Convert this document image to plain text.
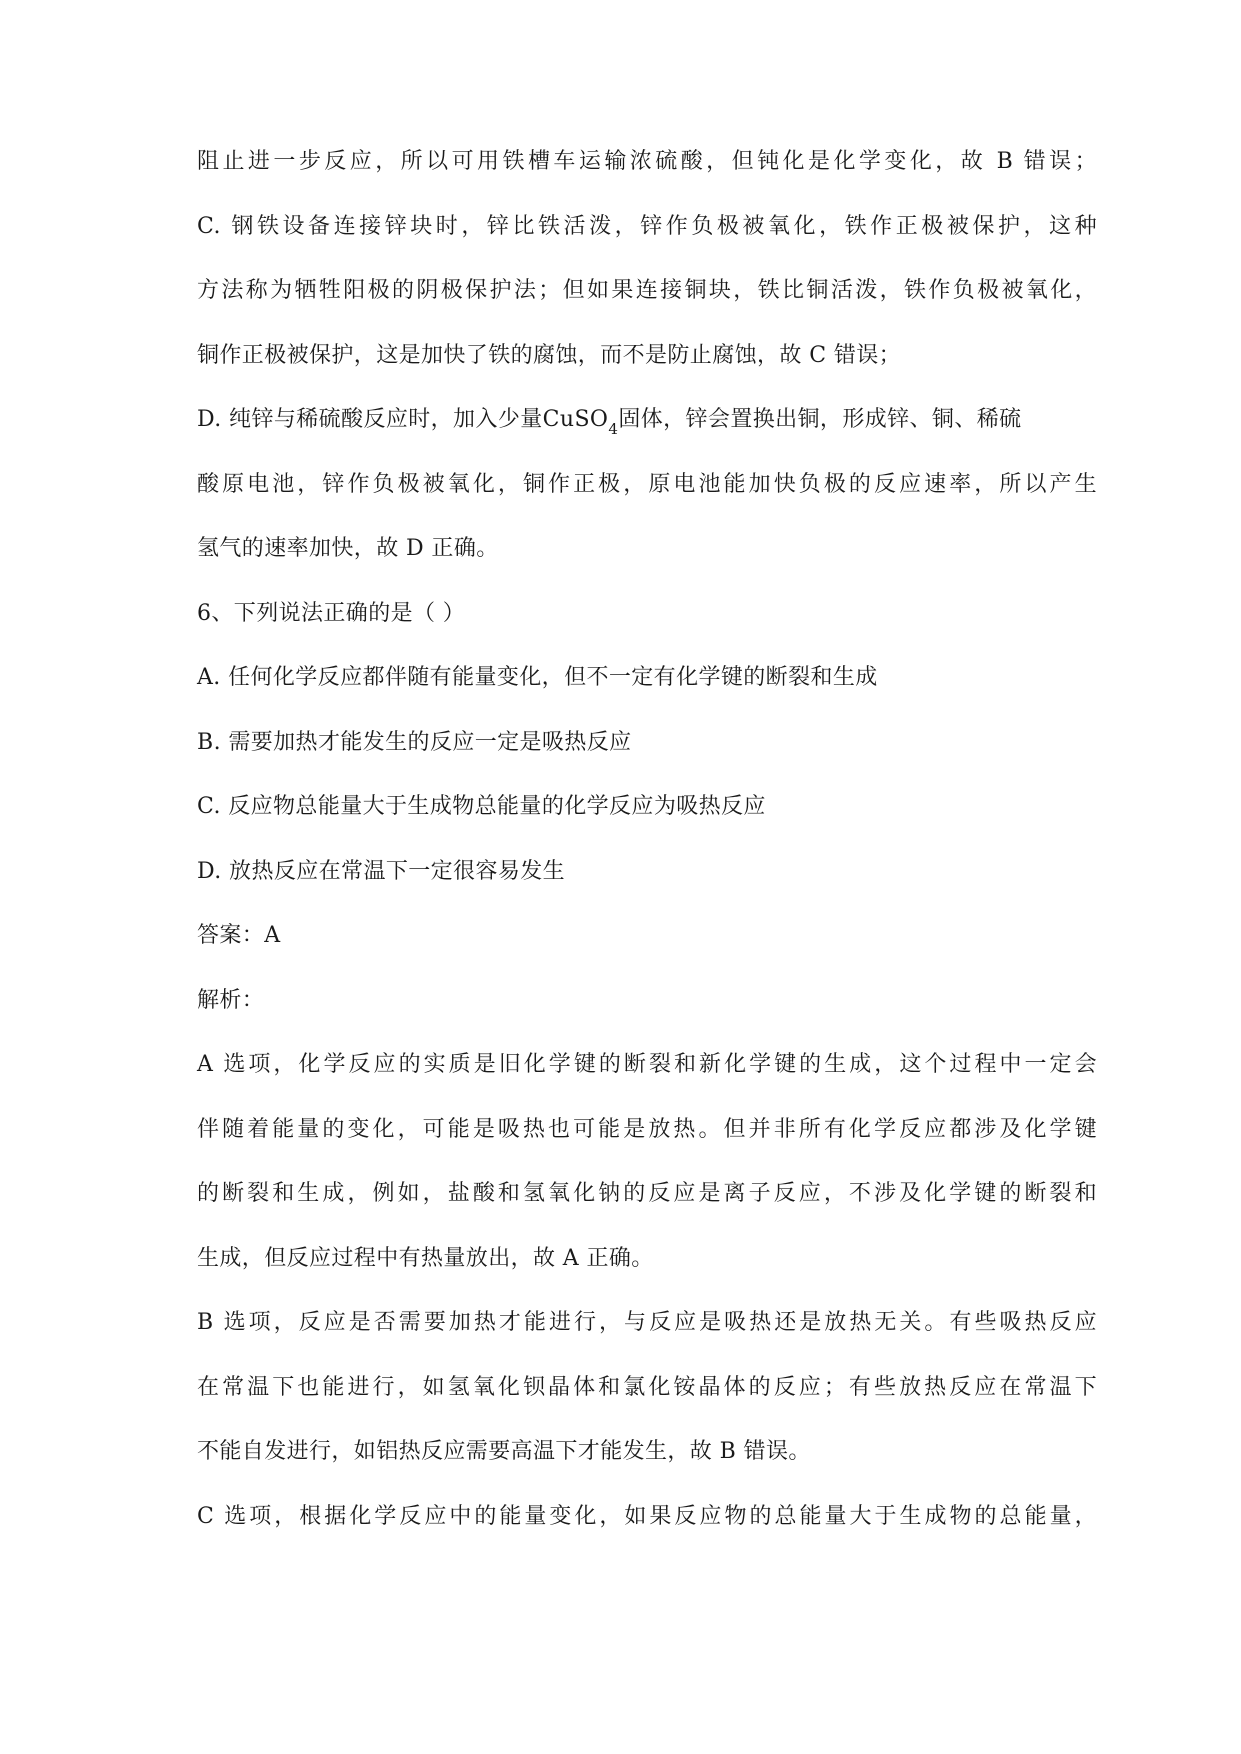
阻止进一步反应，所以可用铁槽车运输浓硫酸，但钝化是化学变化，故 B 错误；
C. 钢铁设备连接锌块时，锌比铁活泼，锌作负极被氧化，铁作正极被保护，这种
方法称为牺牲阳极的阴极保护法；但如果连接铜块，铁比铜活泼，铁作负极被氧化，
铜作正极被保护，这是加快了铁的腐蚀，而不是防止腐蚀，故 C 错误；
D. 纯锌与稀硫酸反应时，加入少量CuSO$_4$固体，锌会置换出铜，形成锌、铜、稀硫
酸原电池，锌作负极被氧化，铜作正极，原电池能加快负极的反应速率，所以产生
氢气的速率加快，故 D 正确。
6、下列说法正确的是（ ）
A. 任何化学反应都伴随有能量变化，但不一定有化学键的断裂和生成
B. 需要加热才能发生的反应一定是吸热反应
C. 反应物总能量大于生成物总能量的化学反应为吸热反应
D. 放热反应在常温下一定很容易发生
答案：A
解析：
A 选项，化学反应的实质是旧化学键的断裂和新化学键的生成，这个过程中一定会
伴随着能量的变化，可能是吸热也可能是放热。但并非所有化学反应都涉及化学键
的断裂和生成，例如，盐酸和氢氧化钠的反应是离子反应，不涉及化学键的断裂和
生成，但反应过程中有热量放出，故 A 正确。
B 选项，反应是否需要加热才能进行，与反应是吸热还是放热无关。有些吸热反应
在常温下也能进行，如氢氧化钡晶体和氯化铵晶体的反应；有些放热反应在常温下
不能自发进行，如铝热反应需要高温下才能发生，故 B 错误。
C 选项，根据化学反应中的能量变化，如果反应物的总能量大于生成物的总能量，
